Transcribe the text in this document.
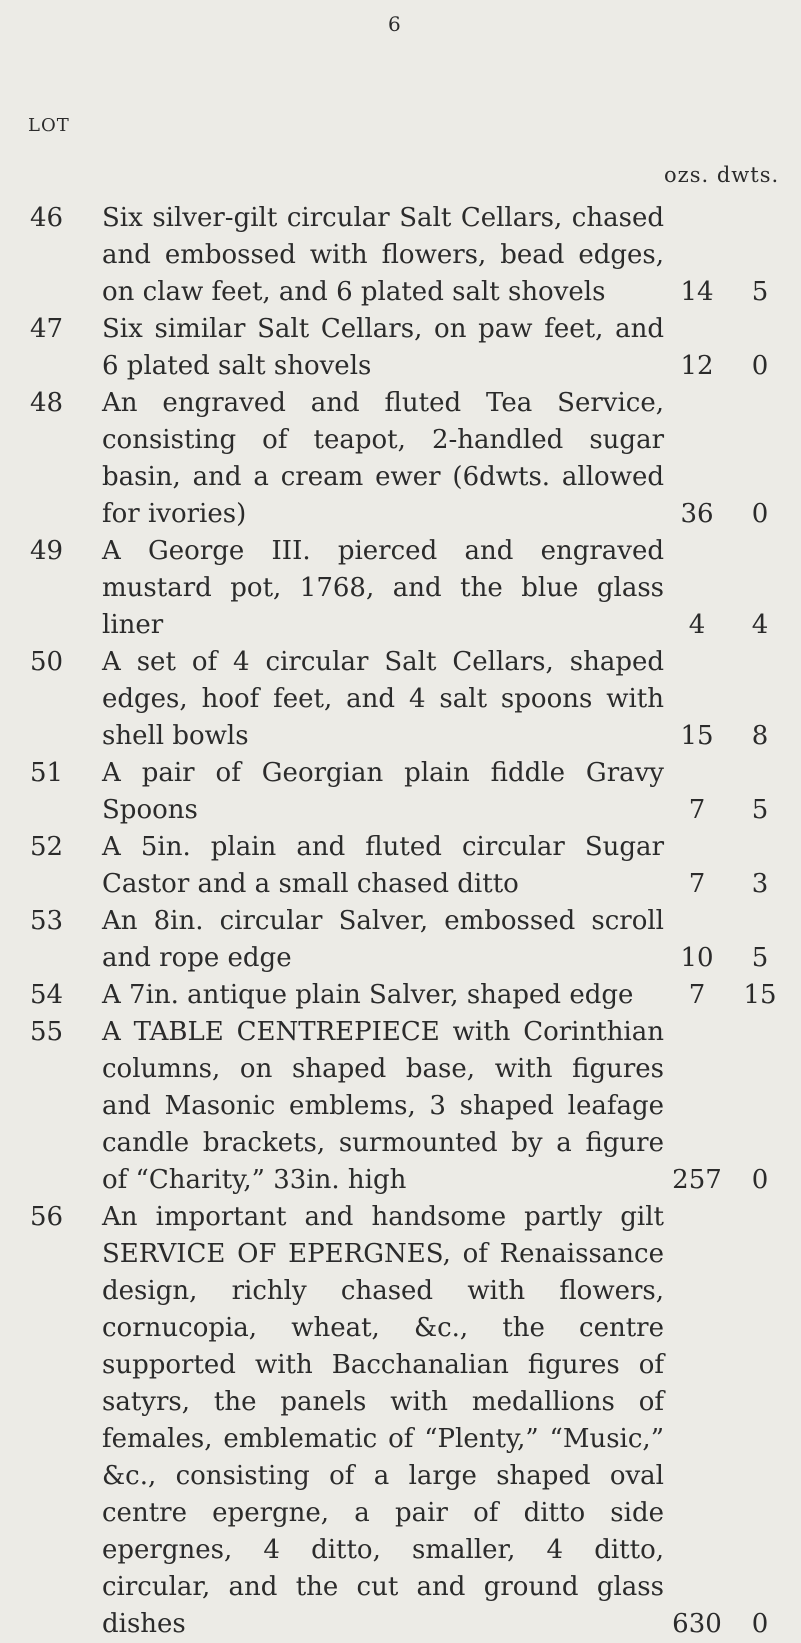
6
LOT
ozs. dwts.
46	Six silver-gilt circular Salt Cellars, chased and embossed with flowers, bead edges, on claw feet, and 6 plated salt shovels	14	5
47	Six similar Salt Cellars, on paw feet, and 6 plated salt shovels	12	0
48	An engraved and fluted Tea Service, consisting of teapot, 2-handled sugar basin, and a cream ewer (6dwts. allowed for ivories)	36	0
49	A George III. pierced and engraved mustard pot, 1768, and the blue glass liner	4	4
50	A set of 4 circular Salt Cellars, shaped edges, hoof feet, and 4 salt spoons with shell bowls	15	8
51	A pair of Georgian plain fiddle Gravy Spoons	7	5
52	A 5in. plain and fluted circular Sugar Castor and a small chased ditto	7	3
53	An 8in. circular Salver, embossed scroll and rope edge	10	5
54	A 7in. antique plain Salver, shaped edge	7	15
55	A TABLE CENTREPIECE with Corinthian columns, on shaped base, with figures and Masonic emblems, 3 shaped leafage candle brackets, surmounted by a figure of “Charity,” 33in. high	257	0
56	An important and handsome partly gilt SERVICE OF EPERGNES, of Renaissance design, richly chased with flowers, cornucopia, wheat, &c., the centre supported with Bacchanalian figures of satyrs, the panels with medallions of females, emblematic of “Plenty,” “Music,” &c., consisting of a large shaped oval centre epergne, a pair of ditto side epergnes, 4 ditto, smaller, 4 ditto, circular, and the cut and ground glass dishes	630	0
